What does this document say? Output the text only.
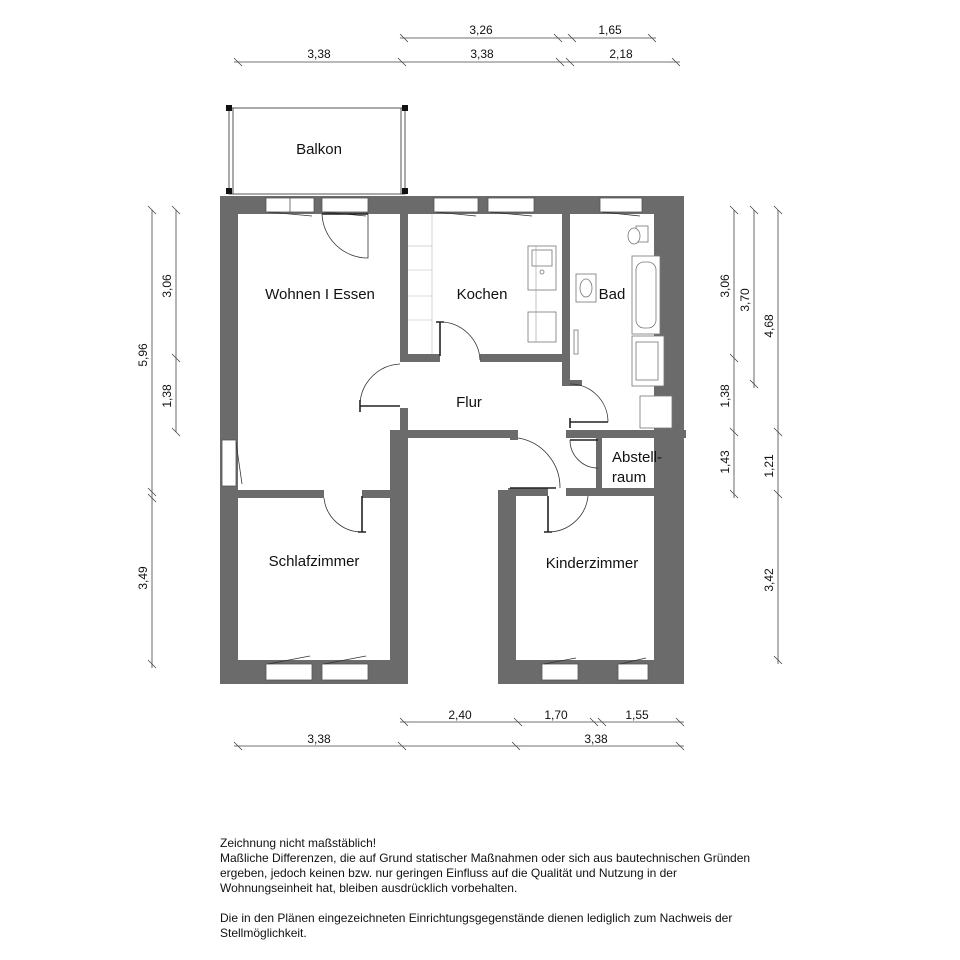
Balkon
Wohnen I Essen	Kochen	Bad
Flur
Abstell-
raum
Schlafzimmer	Kinderzimmer
3,26	1,65
3,38	3,38	2,18
2,40	1,70	1,55
3,38	3,38
5,96
3,06
1,38
3,49
3,06
1,38
1,43
3,70
4,68
1,21
3,42

Zeichnung nicht maßstäblich!

Maßliche Differenzen, die auf Grund statischer Maßnahmen oder sich aus bautechnischen Gründen

ergeben, jedoch keinen bzw. nur geringen Einfluss auf die Qualität und Nutzung in der

Wohnungseinheit hat, bleiben ausdrücklich vorbehalten.

Die in den Plänen eingezeichneten Einrichtungsgegenstände dienen lediglich zum Nachweis der

Stellmöglichkeit.
